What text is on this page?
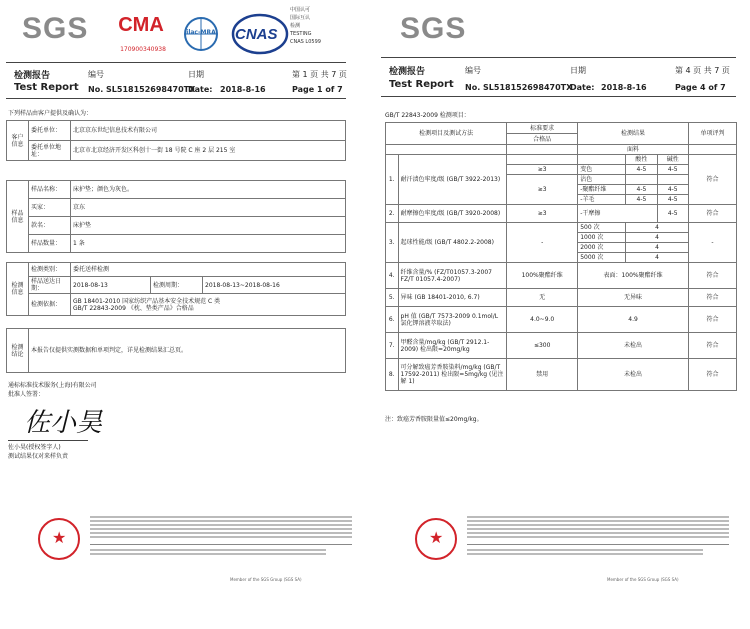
SGS	CMA
170900340938
ilac-MRA	CNAS
中国认可
国际互认
检测
TESTING
CNAS L0599
检测报告	编号	日期	第 1 页 共 7 页
Test Report No. SL518152698470TX
Date: 2018-8-16	Page 1 of 7
下列样品由客户提供及确认为：
客户信息	委托单位：	北京京东世纪信息技术有限公司
	委托单位地址：	北京市北京经济开发区科创十一街 18 号院 C 座 2 层 215 室
样品信息	样品名称：	床护垫；颜色为灰色。
	买家：	京东
	款名：	床护垫
	样品数量：	1 条
检测信息	检测类别：	委托送样检测		
	样品送达日期：	2018-08-13	检测周期：	2018-08-13~2018-08-16
	检测依据：	GB 18401-2010 国家纺织产品基本安全技术规范 C 类
GB/T 22843-2009 《枕、垫类产品》合格品		
检测结论	本报告仅提供实测数据和单项判定，详见检测结果汇总页。
通标标准技术服务(上海)有限公司
批准人签署：
佐小昊
佐小昊(授权签字人)
测试结果仅对来样负责
★
Member of the SGS Group (SGS SA)
SGS
检测报告	编号	日期	第 4 页 共 7 页
Test Report No. SL518152698470TX
Date: 2018-8-16	Page 4 of 7
GB/T 22843-2009 检测项目：
检测项目及测试方法		标准要求	检测结果			单项评判
		合格品				
			面料			
1.	耐汗渍色牢度/级 (GB/T 3922-2013)			酸性	碱性	符合
		≥3	变色	4-5	4-5	
		≥3	沾色			
			-聚酯纤维	4-5	4-5	
			-羊毛	4-5	4-5	
2.	耐摩擦色牢度/级 (GB/T 3920-2008)	≥3	-干摩擦		4-5	符合
3.	起球性能/级 (GB/T 4802.2-2008)	-	500 次	4		-
			1000 次	4		
			2000 次	4		
			5000 次	4		
4.	纤维含量/% (FZ/T01057.3-2007 FZ/T 01057.4-2007)	100%聚酯纤维	表面：100%聚酯纤维			符合
5.	异味 (GB 18401-2010, 6.7)	无	无异味			符合
6.	pH 值 (GB/T 7573-2009 0.1mol/L 氯化钾溶液萃取法)	4.0~9.0	4.9			符合
7.	甲醛含量/mg/kg (GB/T 2912.1-2009) 检出限=20mg/kg	≤300	未检出			符合
8.	可分解致癌芳香胺染料/mg/kg (GB/T 17592-2011) 检出限=5mg/kg (见注解 1)	禁用	未检出			符合
注：致癌芳香胺限量值≤20mg/kg。
★
Member of the SGS Group (SGS SA)
